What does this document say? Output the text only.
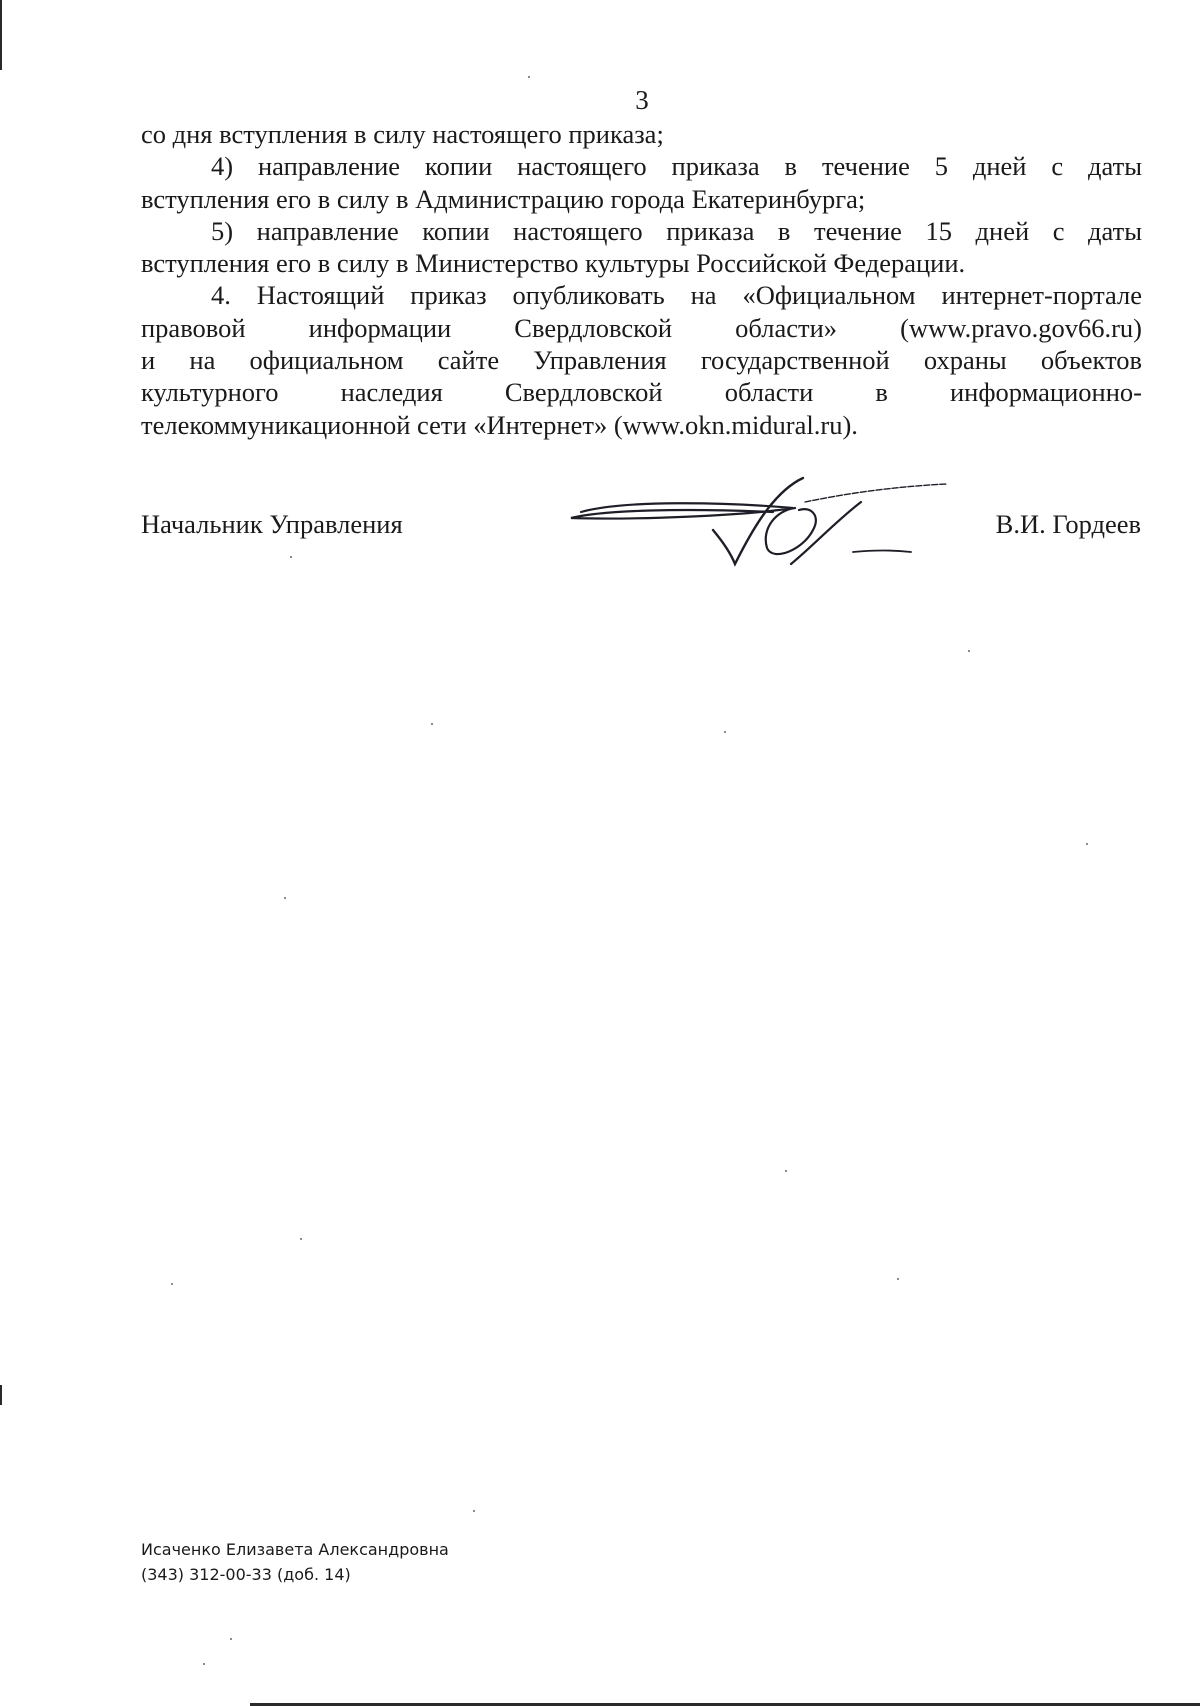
3
со дня вступления в силу настоящего приказа;
4) направление копии настоящего приказа в течение 5 дней с даты
вступления его в силу в Администрацию города Екатеринбурга;
5) направление копии настоящего приказа в течение 15 дней с даты
вступления его в силу в Министерство культуры Российской Федерации.
4. Настоящий приказ опубликовать на «Официальном интернет-портале
правовой информации Свердловской области» (www.pravo.gov66.ru)
и на официальном сайте Управления государственной охраны объектов
культурного наследия Свердловской области в информационно-
телекоммуникационной сети «Интернет» (www.okn.midural.ru).
Начальник Управления	В.И. Гордеев
Исаченко Елизавета Александровна
(343) 312-00-33 (доб. 14)
